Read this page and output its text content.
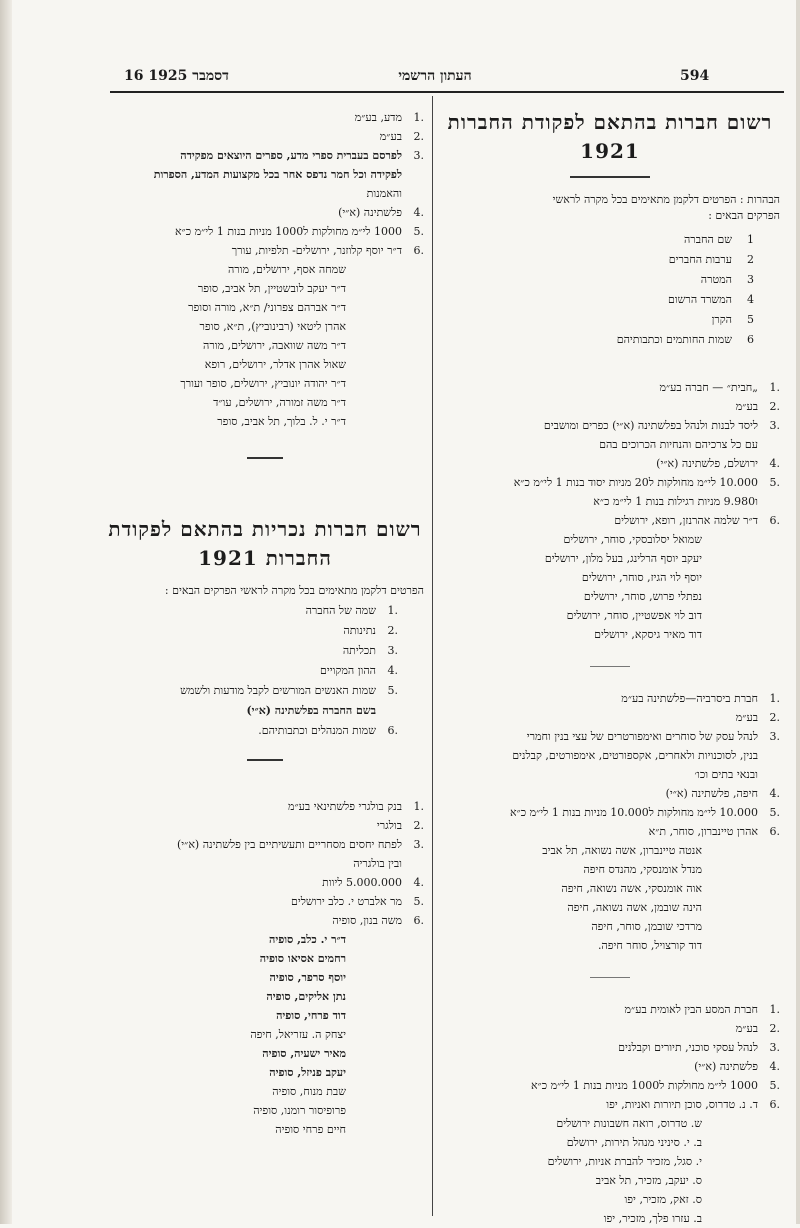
16 דסמבר 1925	העתון הרשמי	594
רשום חברות בהתאם לפקודת החברות
1921
הבהרות : הפרטים דלקמן מתאימים בכל מקרה לראשי
הפרקים הבאים :
1
שם החברה
2
ערבות החברים
3
המטרה
4
המשרד הרשום
5
הקרן
6
שמות החותמים וכתבותיהם
.1
„חבית״ — חברה בע״מ
.2
בע״מ
.3
ליסד לבנות ולנהל בפלשתינה (א״י) כפרים ומושבים
עם כל צרכיהם והנחיות הכרוכים בהם
.4
ירושלם, פלשתינה (א״י)
.5
10.000 לי״מ מחולקות ל20 מניות יסוד בנות 1 לי״מ כ״א
ו9.980 מניות רגילות בנות 1 לי״מ כ״א
.6
ד״ר שלמה אהרנזן, רופא, ירושלים
שמואל יסלובסקי, סוחר, ירושלים
יעקב יוסף הרלינג, בעל מלון, ירושלים
יוסף לוי הגיז, סוחר, ירושלים
נפתלי פרוש, סוחר, ירושלים
דוב לוי אפשטיין, סוחר, ירושלים
דוד מאיר גיסקא, ירושלים
.1
חברת ביסרביה—פלשתינה בע״מ
.2
בע״מ
.3
לנהל עסק של סוחרים ואימפורטרים של עצי בנין וחמרי
בנין, לסוכנויות ולאחרים, אקספורטים, אימפורטים, קבלנים
ובנאי בתים וכו׳
.4
חיפה, פלשתינה (א״י)
.5
10.000 לי״מ מחולקות ל10.000 מניות בנות 1 לי״מ כ״א
.6
אהרן טיינברון, סוחר, ת״א
אנטה טיינברון, אשה נשואה, תל אביב
מנדל אומנסקי, מהנדס חיפה
אוה אומנסקי, אשה נשואה, חיפה
הינה שובמן, אשה נשואה, חיפה
מרדכי שובמן, סוחר, חיפה
דוד קורצויל, סוחר חיפה.
.1
חברת המסע הבין לאומית בע״מ
.2
בע״מ
.3
לנהל עסקי סוכני, תיורים וקבלנים
.4
פלשתינה (א״י)
.5
1000 לי״מ מחולקות ל1000 מניות בנות 1 לי״מ כ״א
.6
ד. נ. טדרוס, סוכן תיורות ואניות, יפו
ש. טדרוס, רואה חשבונות ירושלים
ב. י. סיניני מנהל תירות, ירושלם
י. סגל, מזכיר להברת אניות, ירושלים
ס. יעקב, מזכיר, תל אביב
ס. זאק, מזכיר, יפו
ב. עזרו פלך, מזכיר, יפו
.1
מדע, בע״מ
.2
בע״מ
.3
לפרסם בעברית ספרי מדע, ספרים היוצאים מפקידה
לפקידה וכל חמר נדפס אחר בכל מקצועות המדע, הספרות
והאמנות
.4
פלשתינה (א״י)
.5
1000 לי״מ מחולקות ל1000 מניות בנות 1 לי״מ כ״א
.6
ד״ר יוסף קלוזנר, ירושלים- תלפיות, עורך
שמחה אסף, ירושלים, מורה
ד״ר יעקב לובשטיין, תל אביב, סופר
ד״ר אברהם צפרוני/ ת״א, מורה וסופר
אהרן ליטאי (רבינוביץ), ת״א, סופר
ד״ר משה שוואבה, ירושלים, מורה
שאול אהרן אדלר, ירושלים, רופא
ד״ר יהודה יונוביץ, ירושלים, סופר ועורך
ד״ר משה זמורה, ירושלים, עו״ד
ד״ר י. ל. בלוך, תל אביב, סופר
רשום חברות נכריות בהתאם לפקודת
החברות 1921
הפרטים דלקמן מתאימים בכל מקרה לראשי הפרקים הבאים :
.1
שמה של החברה
.2
נתינותה
.3
תכליתה
.4
ההון המקויים
.5
שמות האנשים המורשים לקבל מודעות ולשמש
בשם החברה בפלשתינה (א״י)
.6
שמות המנהלים וכתבותיהם.
.1
בנק בולגרי פלשתינאי בע״מ
.2
בולגרי
.3
לפתח יחסים מסחריים ותעשיתיים בין פלשתינה (א״י)
ובין בולגריה
.4
5.000.000 ליוות
.5
מר אלברט י. כלב ירושלים
.6
משה בנון, סופיה
ד״ר י. כלב, סופיה
רחמים אסיאו סופיה
יוסף סרפר, סופיה
נתן אליקים, סופיה
דוד פרחי, סופיה
יצחק ה. עזריאל, חיפה
מאיר ישעיה, סופיה
יעקב פניזל, סופיה
שבת מנוח, סופיה
פרופיסור רומנו, סופיה
חיים פרחי סופיה
